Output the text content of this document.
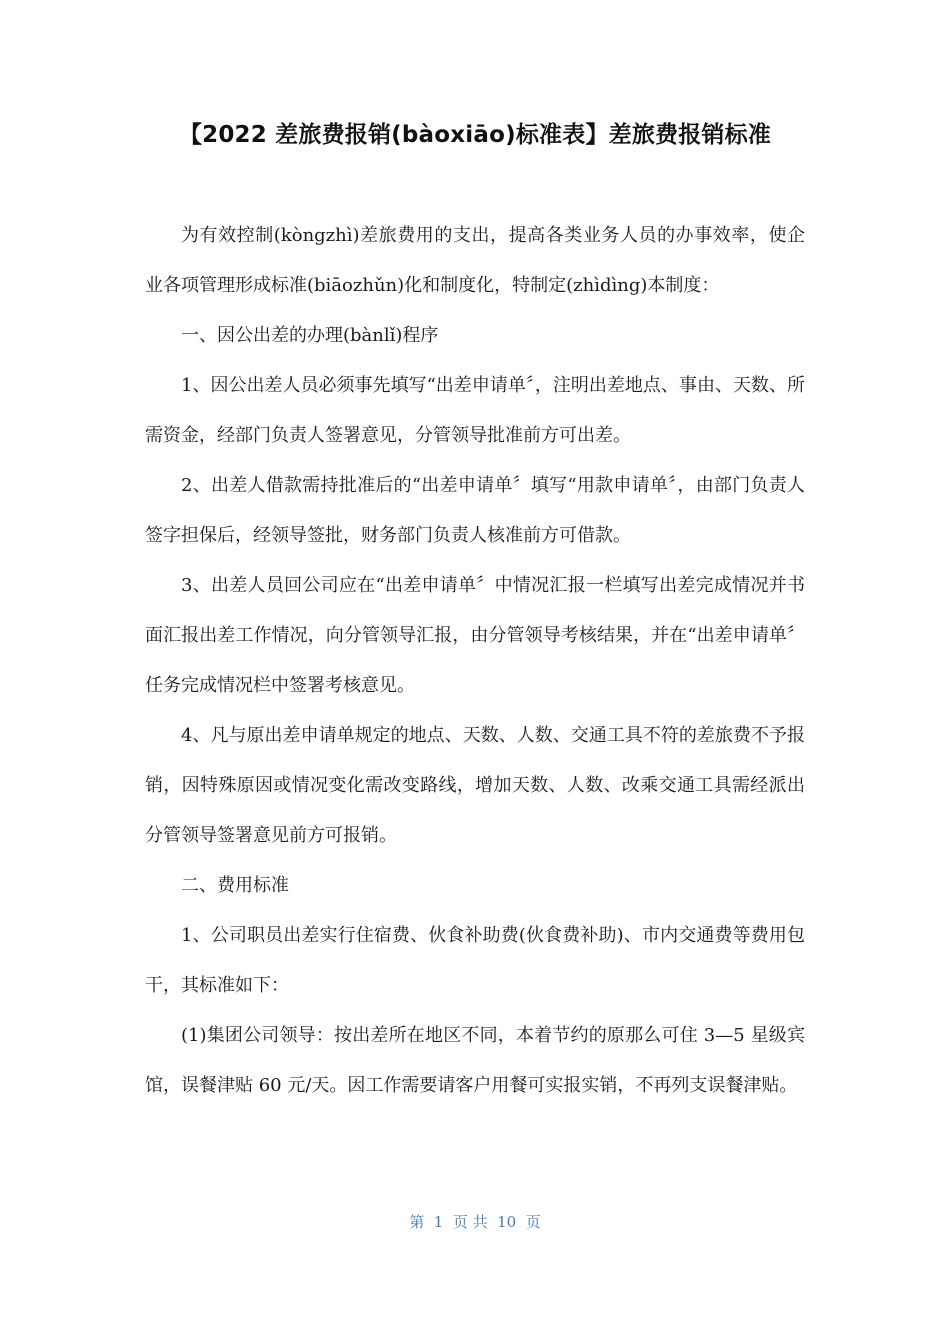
【2022 差旅费报销(bàoxiāo)标准表】差旅费报销标准

为有效控制(kòngzhì)差旅费用的支出，提高各类业务人员的办事效率，使企业各项管理形成标准(biāozhǔn)化和制度化，特制定(zhìdìng)本制度：

一、因公出差的办理(bànlǐ)程序

1、因公出差人员必须事先填写“出差申请单〞，注明出差地点、事由、天数、所需资金，经部门负责人签署意见，分管领导批准前方可出差。

2、出差人借款需持批准后的“出差申请单〞填写“用款申请单〞，由部门负责人签字担保后，经领导签批，财务部门负责人核准前方可借款。

3、出差人员回公司应在“出差申请单〞中情况汇报一栏填写出差完成情况并书面汇报出差工作情况，向分管领导汇报，由分管领导考核结果，并在“出差申请单〞任务完成情况栏中签署考核意见。

4、凡与原出差申请单规定的地点、天数、人数、交通工具不符的差旅费不予报销，因特殊原因或情况变化需改变路线，增加天数、人数、改乘交通工具需经派出分管领导签署意见前方可报销。

二、费用标准

1、公司职员出差实行住宿费、伙食补助费(伙食费补助)、市内交通费等费用包干，其标准如下：

(1)集团公司领导：按出差所在地区不同，本着节约的原那么可住 3—5 星级宾馆，误餐津贴 60 元/天。因工作需要请客户用餐可实报实销，不再列支误餐津贴。

第  1  页 共  10  页
